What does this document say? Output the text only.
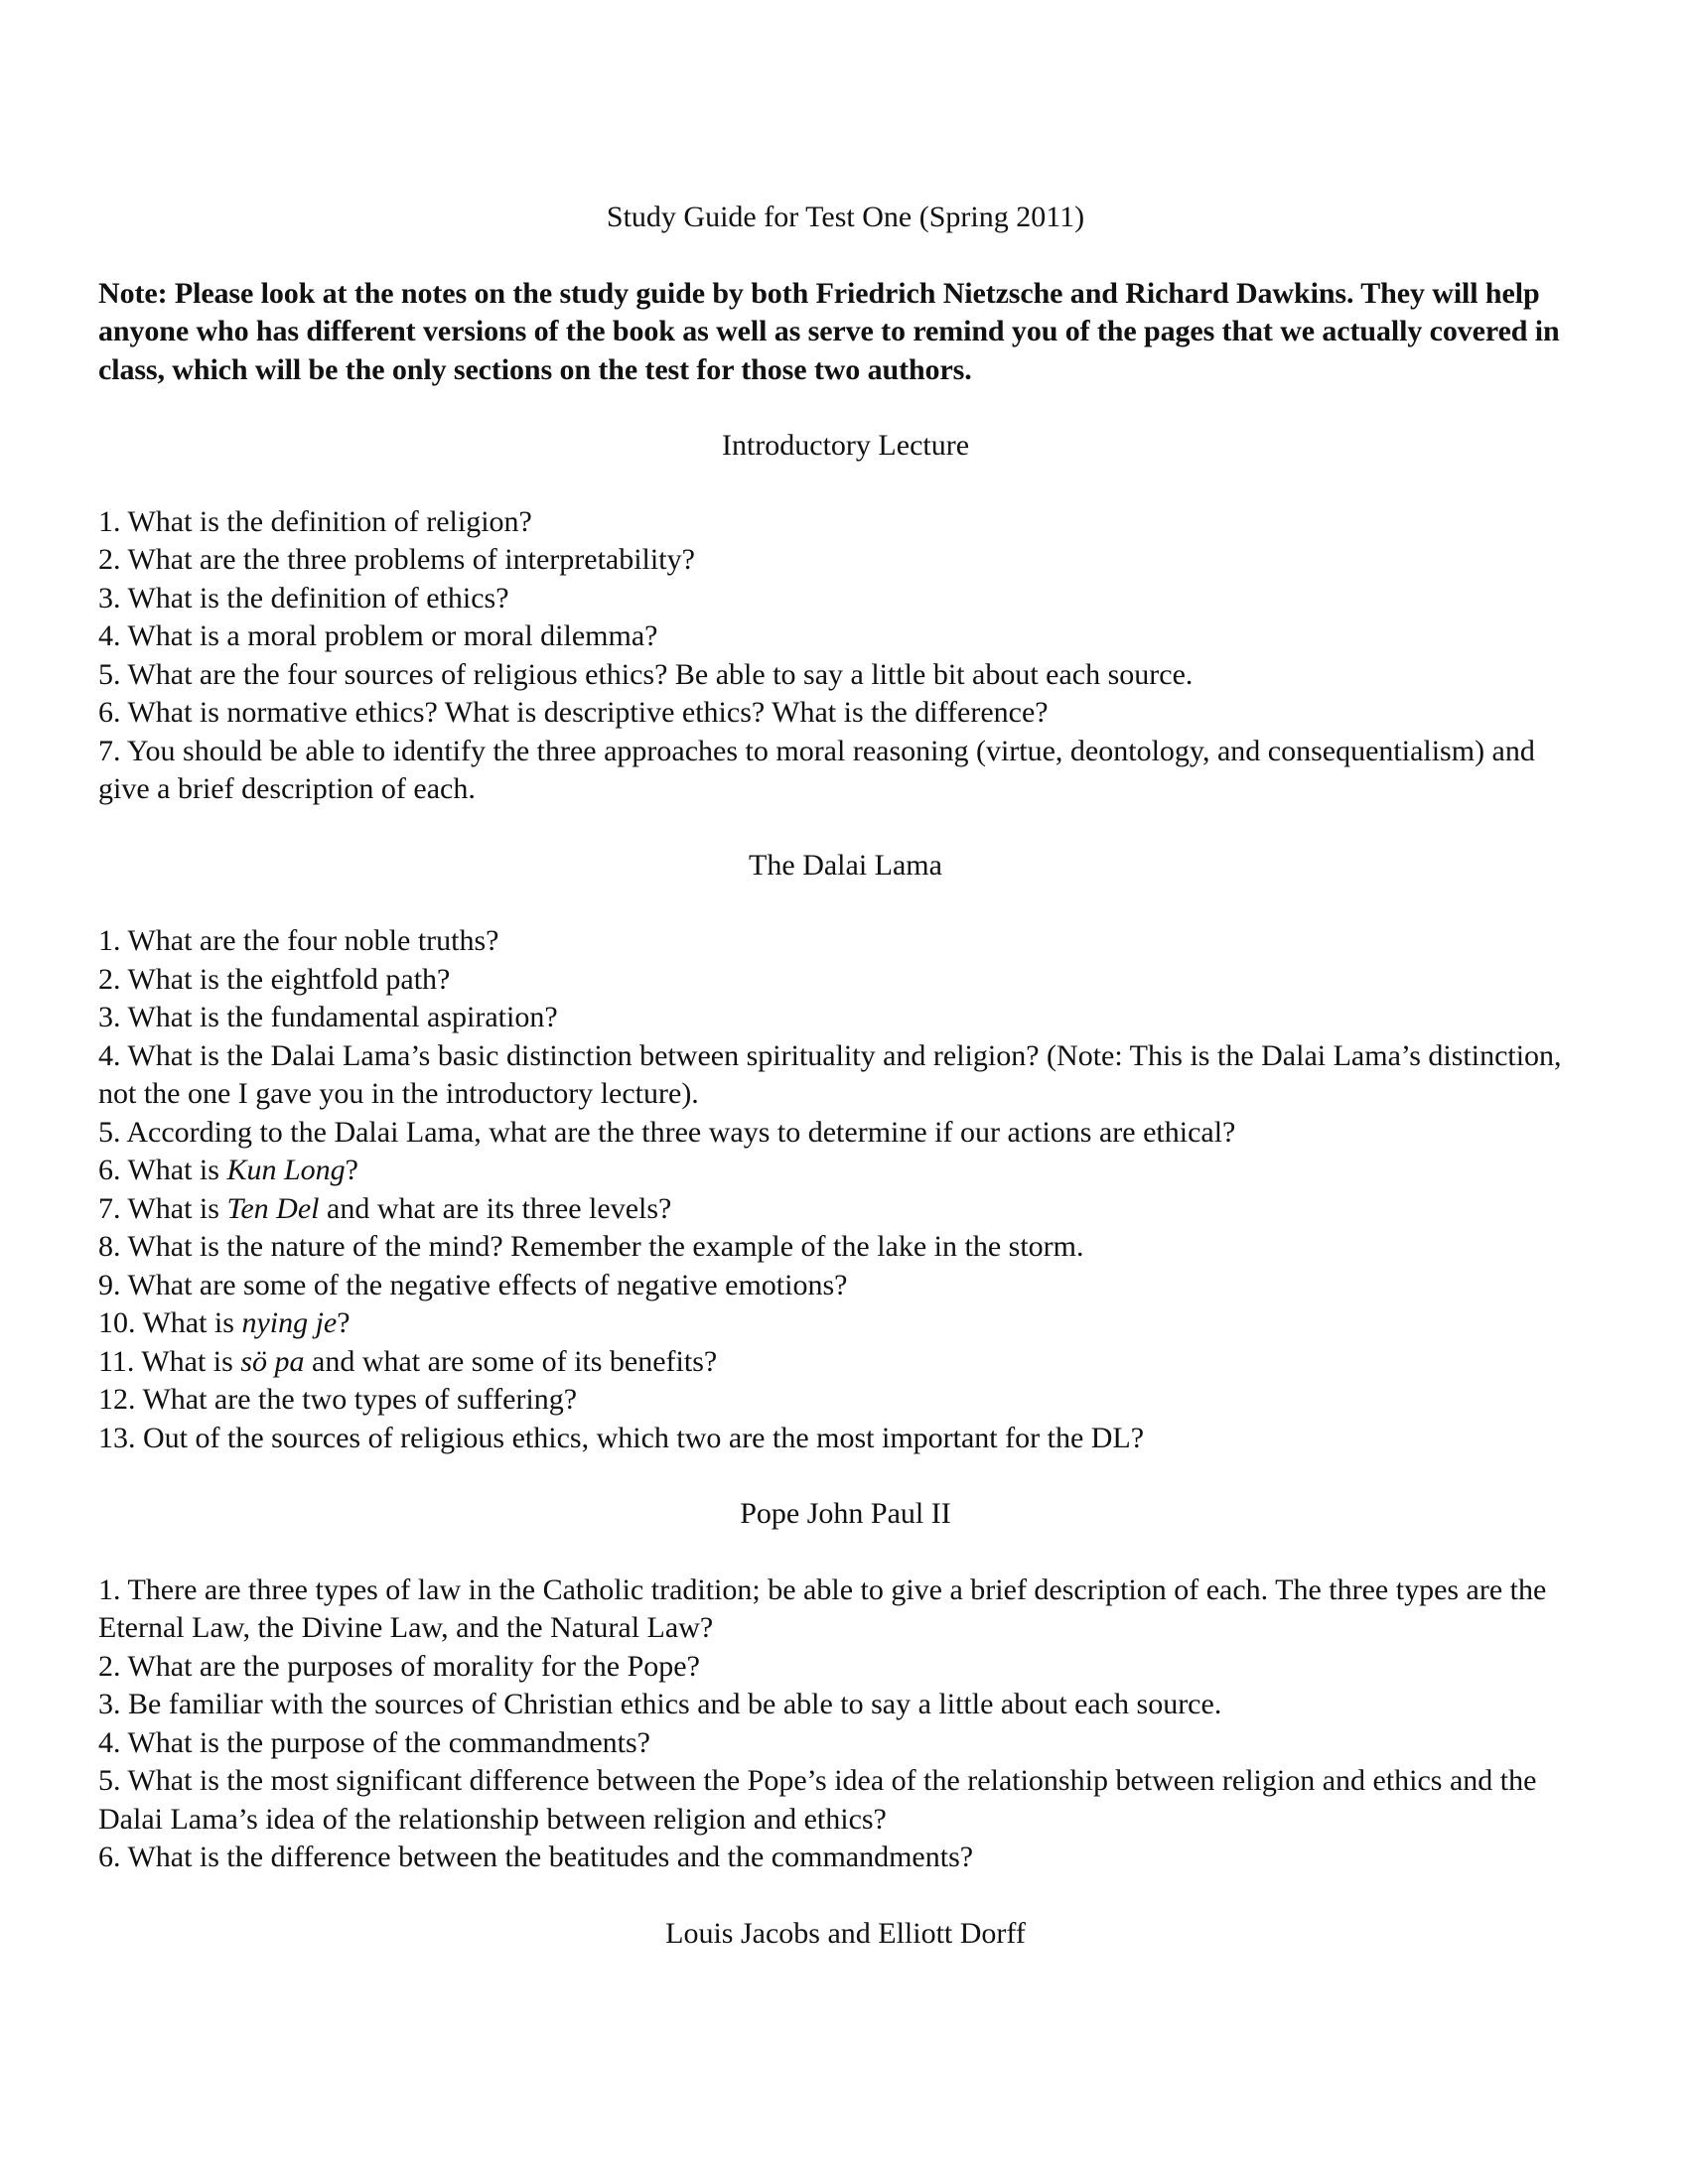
Study Guide for Test One (Spring 2011)

Note: Please look at the notes on the study guide by both Friedrich Nietzsche and Richard Dawkins. They will help anyone who has different versions of the book as well as serve to remind you of the pages that we actually covered in class, which will be the only sections on the test for those two authors.

Introductory Lecture

1. What is the definition of religion?

2. What are the three problems of interpretability?

3. What is the definition of ethics?

4. What is a moral problem or moral dilemma?

5. What are the four sources of religious ethics? Be able to say a little bit about each source.

6. What is normative ethics? What is descriptive ethics? What is the difference?

7. You should be able to identify the three approaches to moral reasoning (virtue, deontology, and consequentialism) and give a brief description of each.

The Dalai Lama

1. What are the four noble truths?

2. What is the eightfold path?

3. What is the fundamental aspiration?

4. What is the Dalai Lama’s basic distinction between spirituality and religion? (Note: This is the Dalai Lama’s distinction, not the one I gave you in the introductory lecture).

5. According to the Dalai Lama, what are the three ways to determine if our actions are ethical?

6. What is Kun Long?

7. What is Ten Del and what are its three levels?

8. What is the nature of the mind? Remember the example of the lake in the storm.

9. What are some of the negative effects of negative emotions?

10. What is nying je?

11. What is sö pa and what are some of its benefits?

12. What are the two types of suffering?

13. Out of the sources of religious ethics, which two are the most important for the DL?

Pope John Paul II

1. There are three types of law in the Catholic tradition; be able to give a brief description of each. The three types are the Eternal Law, the Divine Law, and the Natural Law?

2. What are the purposes of morality for the Pope?

3. Be familiar with the sources of Christian ethics and be able to say a little about each source.

4. What is the purpose of the commandments?

5. What is the most significant difference between the Pope’s idea of the relationship between religion and ethics and the Dalai Lama’s idea of the relationship between religion and ethics?

6. What is the difference between the beatitudes and the commandments?

Louis Jacobs and Elliott Dorff
